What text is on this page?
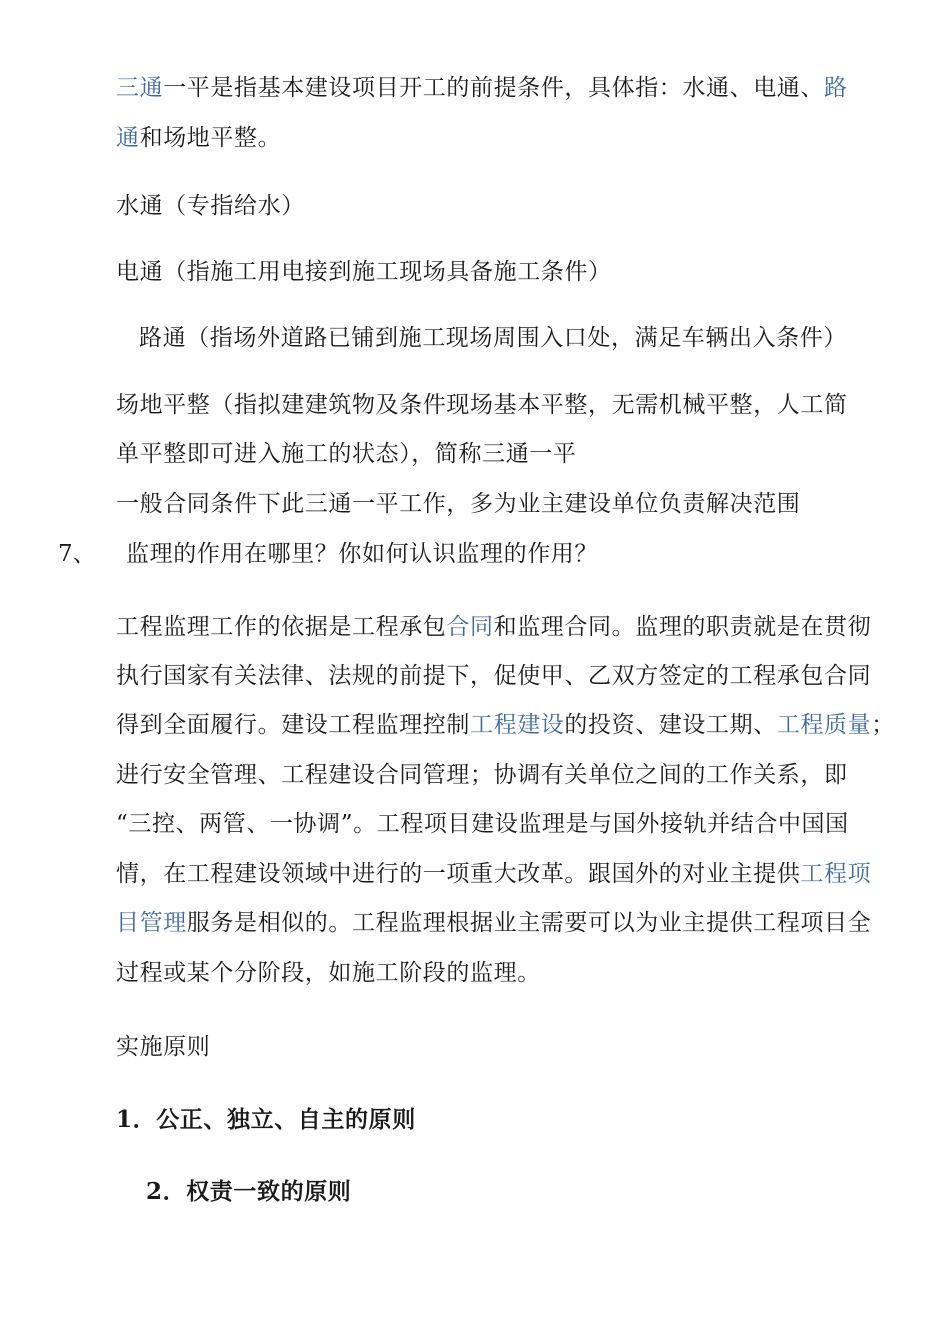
三通一平是指基本建设项目开工的前提条件，具体指：水通、电通、路
通和场地平整。
水通（专指给水）
电通（指施工用电接到施工现场具备施工条件）
路通（指场外道路已铺到施工现场周围入口处，满足车辆出入条件）
场地平整（指拟建建筑物及条件现场基本平整，无需机械平整，人工简
单平整即可进入施工的状态），简称三通一平
一般合同条件下此三通一平工作，多为业主建设单位负责解决范围
7、 监理的作用在哪里？你如何认识监理的作用？
工程监理工作的依据是工程承包合同和监理合同。监理的职责就是在贯彻
执行国家有关法律、法规的前提下，促使甲、乙双方签定的工程承包合同
得到全面履行。建设工程监理控制工程建设的投资、建设工期、工程质量；
进行安全管理、工程建设合同管理；协调有关单位之间的工作关系，即
“三控、两管、一协调”。工程项目建设监理是与国外接轨并结合中国国
情，在工程建设领域中进行的一项重大改革。跟国外的对业主提供工程项
目管理服务是相似的。工程监理根据业主需要可以为业主提供工程项目全
过程或某个分阶段，如施工阶段的监理。
实施原则
1．公正、独立、自主的原则
2．权责一致的原则
